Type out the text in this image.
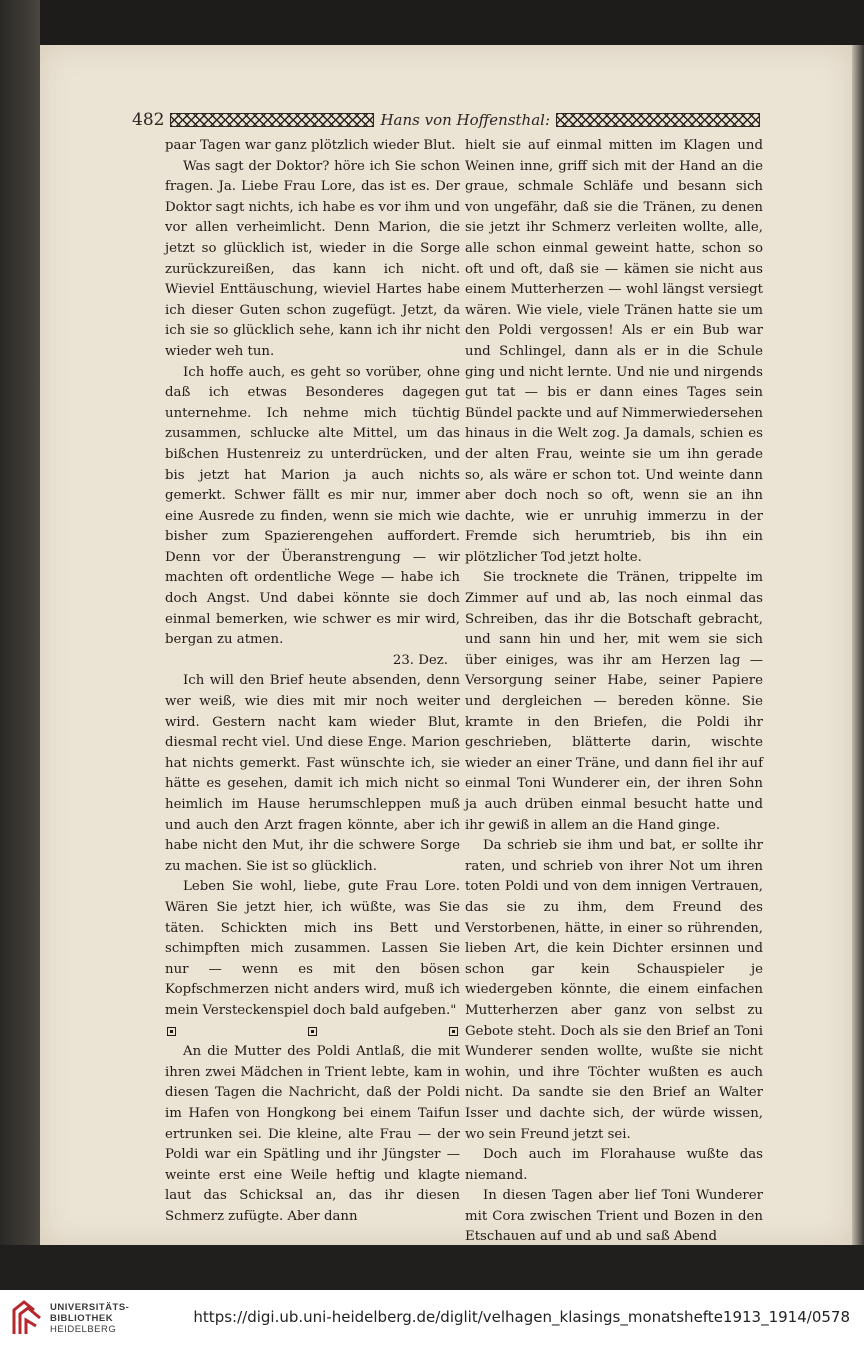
482	Hans von Hoffensthal:

paar Tagen war ganz plötzlich wieder Blut.

Was sagt der Doktor? höre ich Sie schon fragen. Ja. Liebe Frau Lore, das ist es. Der Doktor sagt nichts, ich habe es vor ihm und vor allen verheimlicht. Denn Marion, die jetzt so glücklich ist, wieder in die Sorge zurückzureißen, das kann ich nicht. Wieviel Enttäuschung, wieviel Hartes habe ich dieser Guten schon zugefügt. Jetzt, da ich sie so glücklich sehe, kann ich ihr nicht wieder weh tun.

Ich hoffe auch, es geht so vorüber, ohne daß ich etwas Besonderes dagegen unternehme. Ich nehme mich tüchtig zusammen, schlucke alte Mittel, um das bißchen Hustenreiz zu unterdrücken, und bis jetzt hat Marion ja auch nichts gemerkt. Schwer fällt es mir nur, immer eine Ausrede zu finden, wenn sie mich wie bisher zum Spazierengehen auffordert. Denn vor der Überanstrengung — wir machten oft ordentliche Wege — habe ich doch Angst. Und dabei könnte sie doch einmal bemerken, wie schwer es mir wird, bergan zu atmen.

23. Dez.

Ich will den Brief heute absenden, denn wer weiß, wie dies mit mir noch weiter wird. Gestern nacht kam wieder Blut, diesmal recht viel. Und diese Enge. Marion hat nichts gemerkt. Fast wünschte ich, sie hätte es gesehen, damit ich mich nicht so heimlich im Hause herumschleppen muß und auch den Arzt fragen könnte, aber ich habe nicht den Mut, ihr die schwere Sorge zu machen. Sie ist so glücklich.

Leben Sie wohl, liebe, gute Frau Lore. Wären Sie jetzt hier, ich wüßte, was Sie täten. Schickten mich ins Bett und schimpften mich zusammen. Lassen Sie nur — wenn es mit den bösen Kopfschmerzen nicht anders wird, muß ich mein Versteckenspiel doch bald aufgeben."

An die Mutter des Poldi Antlaß, die mit ihren zwei Mädchen in Trient lebte, kam in diesen Tagen die Nachricht, daß der Poldi im Hafen von Hongkong bei einem Taifun ertrunken sei. Die kleine, alte Frau — der Poldi war ein Spätling und ihr Jüngster — weinte erst eine Weile heftig und klagte laut das Schicksal an, das ihr diesen Schmerz zufügte. Aber dann

hielt sie auf einmal mitten im Klagen und Weinen inne, griff sich mit der Hand an die graue, schmale Schläfe und besann sich von ungefähr, daß sie die Tränen, zu denen sie jetzt ihr Schmerz verleiten wollte, alle, alle schon einmal geweint hatte, schon so oft und oft, daß sie — kämen sie nicht aus einem Mutterherzen — wohl längst versiegt wären. Wie viele, viele Tränen hatte sie um den Poldi vergossen! Als er ein Bub war und Schlingel, dann als er in die Schule ging und nicht lernte. Und nie und nirgends gut tat — bis er dann eines Tages sein Bündel packte und auf Nimmerwiedersehen hinaus in die Welt zog. Ja damals, schien es der alten Frau, weinte sie um ihn gerade so, als wäre er schon tot. Und weinte dann aber doch noch so oft, wenn sie an ihn dachte, wie er unruhig immerzu in der Fremde sich herumtrieb, bis ihn ein plötzlicher Tod jetzt holte.

Sie trocknete die Tränen, trippelte im Zimmer auf und ab, las noch einmal das Schreiben, das ihr die Botschaft gebracht, und sann hin und her, mit wem sie sich über einiges, was ihr am Herzen lag — Versorgung seiner Habe, seiner Papiere und dergleichen — bereden könne. Sie kramte in den Briefen, die Poldi ihr geschrieben, blätterte darin, wischte wieder an einer Träne, und dann fiel ihr auf einmal Toni Wunderer ein, der ihren Sohn ja auch drüben einmal besucht hatte und ihr gewiß in allem an die Hand ginge.

Da schrieb sie ihm und bat, er sollte ihr raten, und schrieb von ihrer Not um ihren toten Poldi und von dem innigen Vertrauen, das sie zu ihm, dem Freund des Verstorbenen, hätte, in einer so rührenden, lieben Art, die kein Dichter ersinnen und schon gar kein Schauspieler je wiedergeben könnte, die einem einfachen Mutterherzen aber ganz von selbst zu Gebote steht. Doch als sie den Brief an Toni Wunderer senden wollte, wußte sie nicht wohin, und ihre Töchter wußten es auch nicht. Da sandte sie den Brief an Walter Isser und dachte sich, der würde wissen, wo sein Freund jetzt sei.

Doch auch im Florahause wußte das niemand.

In diesen Tagen aber lief Toni Wunderer mit Cora zwischen Trient und Bozen in den Etschauen auf und ab und saß Abend

UNIVERSITÄTS-
BIBLIOTHEK
HEIDELBERG
https://digi.ub.uni-heidelberg.de/diglit/velhagen_klasings_monatshefte1913_1914/0578
